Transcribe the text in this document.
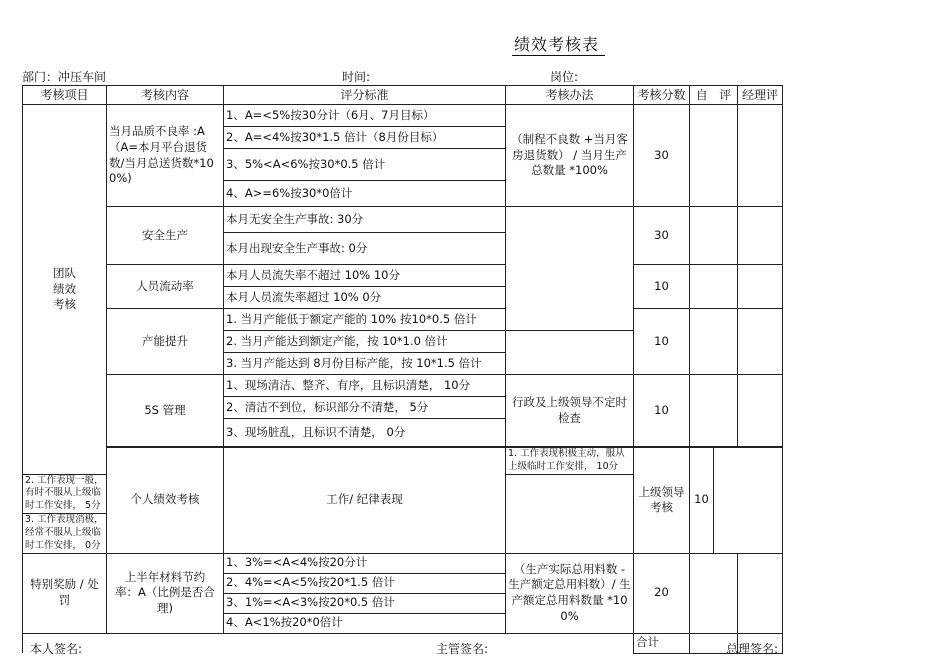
绩效考核表
部门：冲压车间	时间:	岗位:
考核项目	考核内容	评分标准	考核办法	考核分数	自	评	经理评	
团队绩效考核	当月品质不良率 :A（A=本月平台退货数/当月总送货数*100%)	1、A=<5%按30分计（6月、7月目标）	（制程不良数 +当月客房退货数） / 当月生产总数量 *100%	30				
		2、A=<4%按30*1.5 倍计（8月份目标）						
		3、5%<A<6%按30*0.5 倍计						
		4、A>=6%按30*0倍计						
	安全生产	本月无安全生产事故: 30分		30				
		本月出现安全生产事故: 0分						
	人员流动率	本月人员流失率不超过 10% 10分		10				
		本月人员流失率超过 10% 0分						
	产能提升	1. 当月产能低于额定产能的 10% 按10*0.5 倍计		10				
		2. 当月产能达到额定产能，按 10*1.0 倍计						
		3. 当月产能达到 8月份目标产能，按 10*1.5 倍计						
	5S 管理	1、现场清洁、整齐、有序，且标识清楚， 10分	行政及上级领导不定时检查	10				
		2、清洁不到位，标识部分不清楚， 5分						
		3、现场脏乱，且标识不清楚， 0分						

	个人绩效考核	工作/ 纪律表现	1. 工作表现积极主动，服从上级临时工作安排， 10分	上级领导考核	10			
2. 工作表现一般，有时不服从上级临时工作安排， 5分								
3. 工作表现消极，经常不服从上级临时工作安排， 0分								
特别奖励 / 处罚	上半年材料节约率：A（比例是否合理)	1、3%=<A<4%按20分计	（生产实际总用料数 - 生产额定总用料数）/ 生产额定总用料数量 *100%	20				
		2、4%=<A<5%按20*1.5 倍计						
		3、1%=<A<3%按20*0.5 倍计						
		4、A<1%按20*0倍计						
				合计				
本人签名:	主管签名:	总理签名:
